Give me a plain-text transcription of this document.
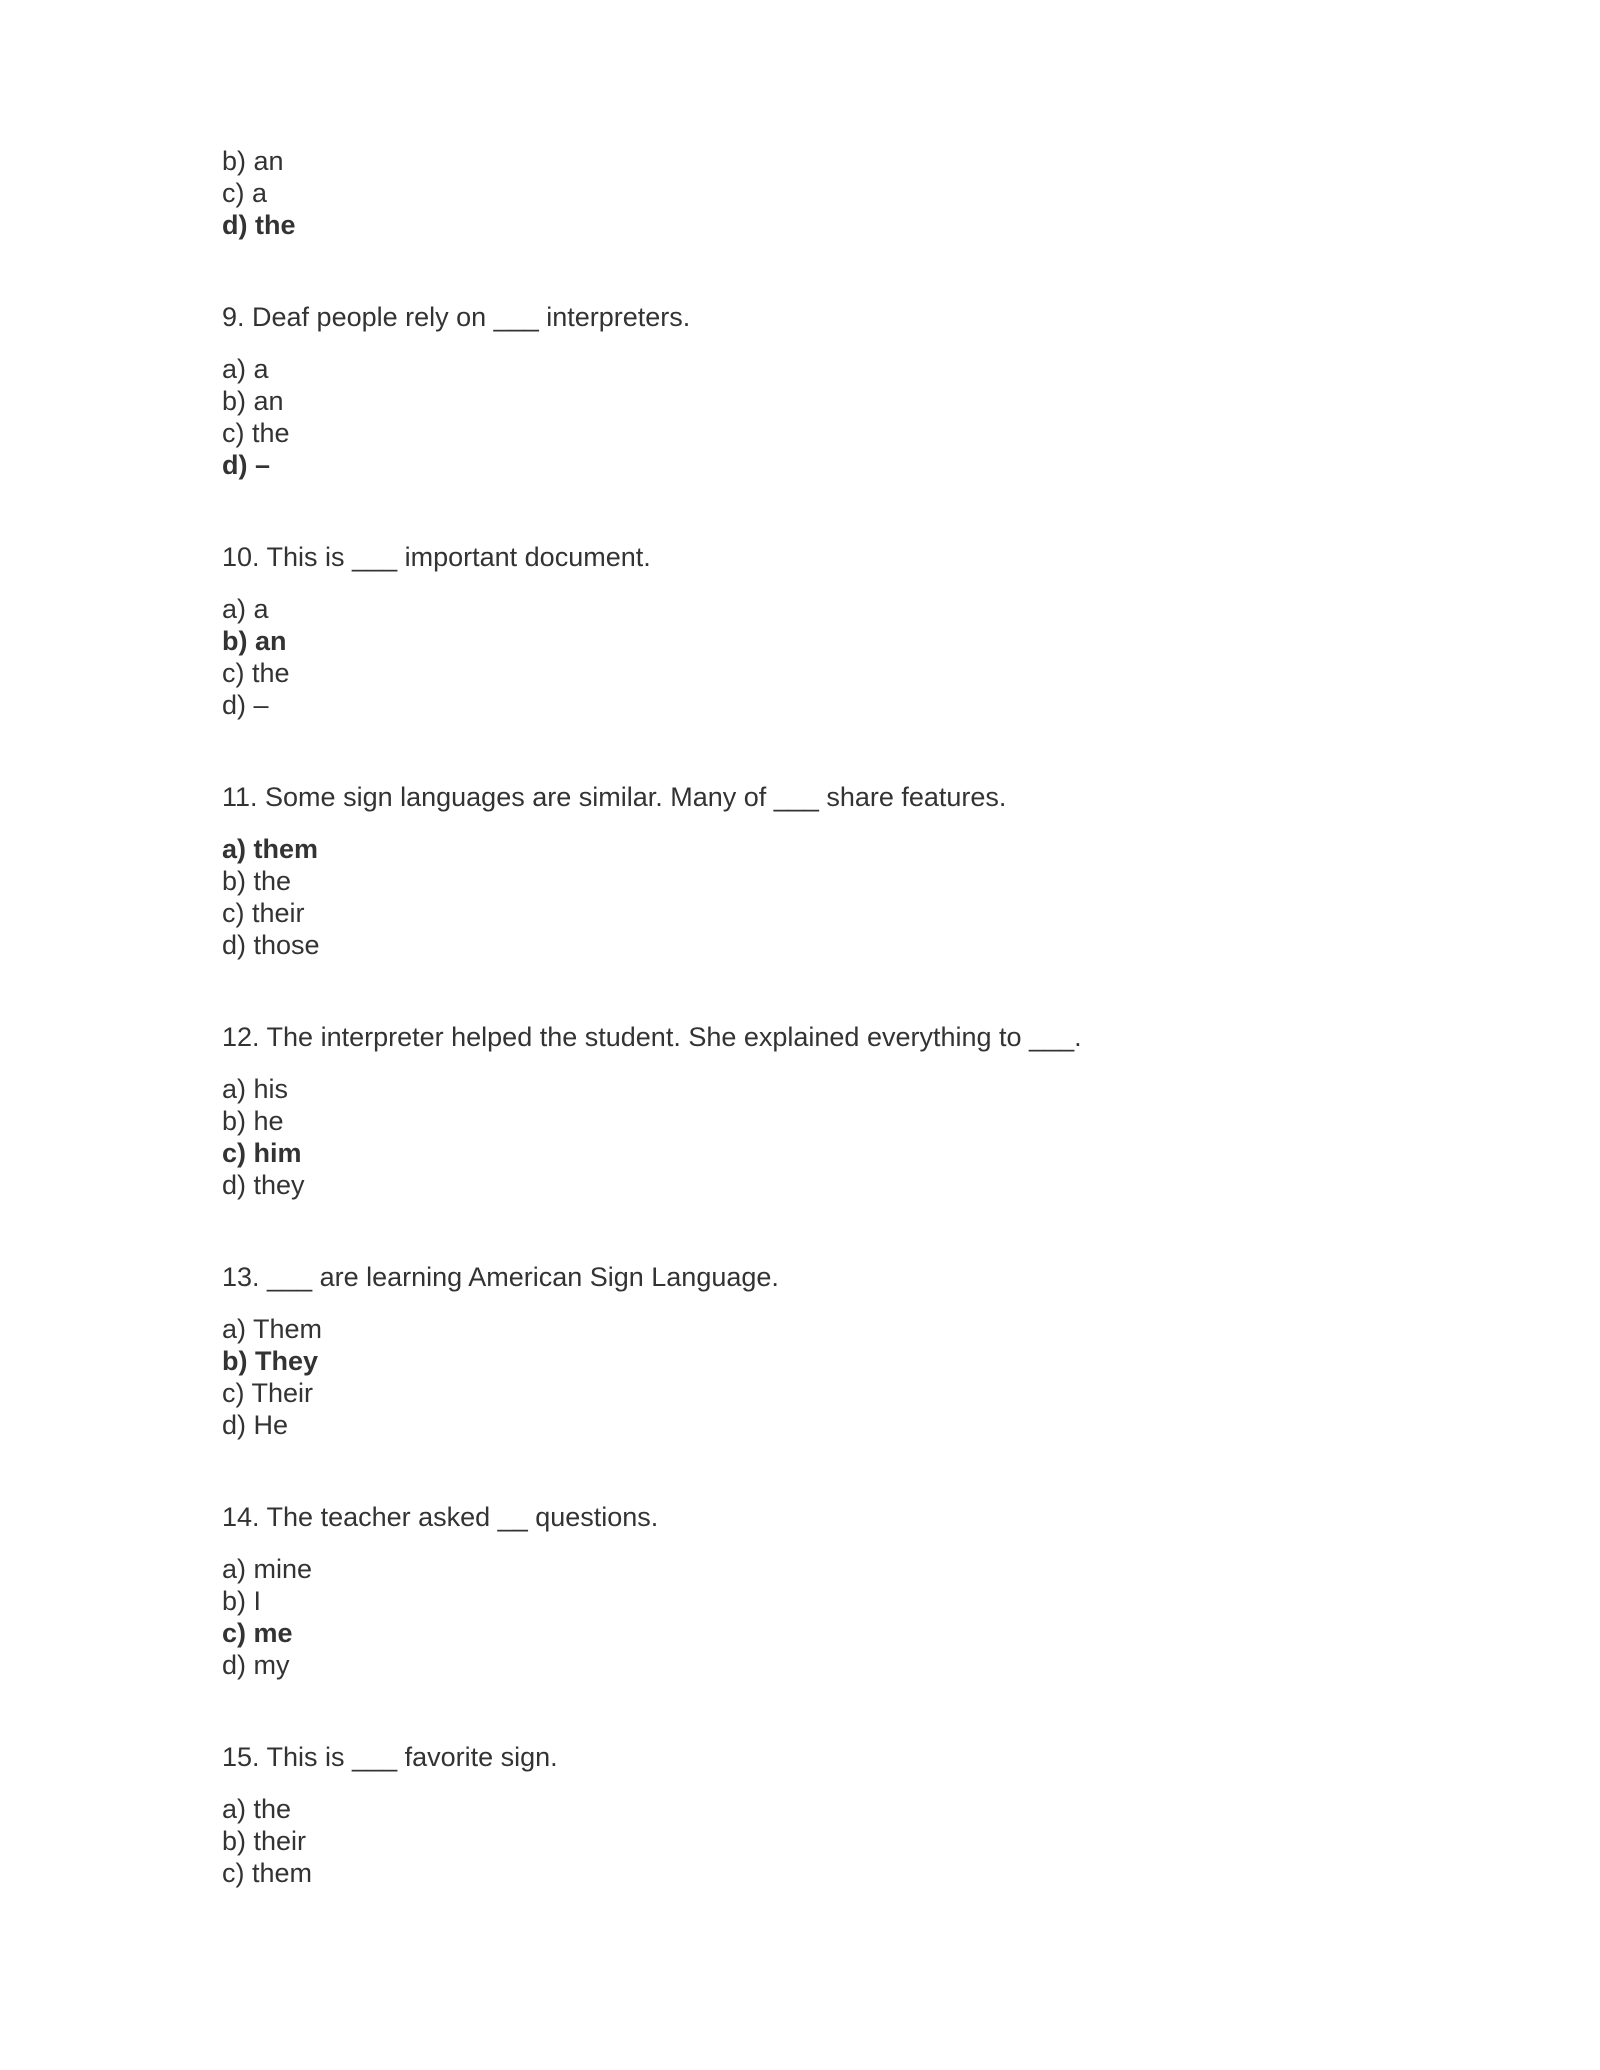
b) an
c) a
d) the
9. Deaf people rely on ___ interpreters.
a) a
b) an
c) the
d) –
10. This is ___ important document.
a) a
b) an
c) the
d) –
11. Some sign languages are similar. Many of ___ share features.
a) them
b) the
c) their
d) those
12. The interpreter helped the student. She explained everything to ___.
a) his
b) he
c) him
d) they
13. ___ are learning American Sign Language.
a) Them
b) They
c) Their
d) He
14. The teacher asked __ questions.
a) mine
b) I
c) me
d) my
15. This is ___ favorite sign.
a) the
b) their
c) them
